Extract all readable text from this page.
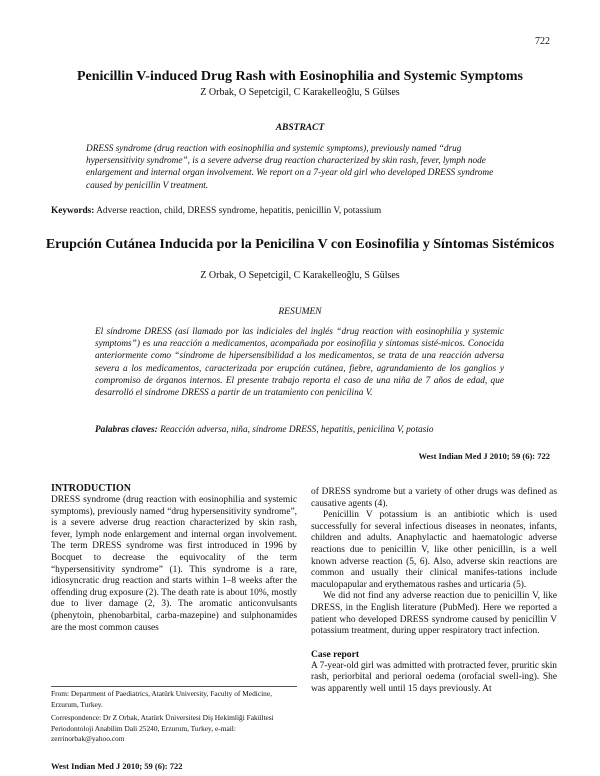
722
Penicillin V-induced Drug Rash with Eosinophilia and Systemic Symptoms
Z Orbak, O Sepetcigil, C Karakelleoğlu, S Gülses
ABSTRACT
DRESS syndrome (drug reaction with eosinophilia and systemic symptoms), previously named “drug hypersensitivity syndrome”, is a severe adverse drug reaction characterized by skin rash, fever, lymph node enlargement and internal organ involvement. We report on a 7-year old girl who developed DRESS syndrome caused by penicillin V treatment.
Keywords: Adverse reaction, child, DRESS syndrome, hepatitis, penicillin V, potassium
Erupción Cutánea Inducida por la Penicilina V con Eosinofilia y Síntomas Sistémicos
Z Orbak, O Sepetcigil, C Karakelleoğlu, S Gülses
RESUMEN
El síndrome DRESS (así llamado por las indiciales del inglés “drug reaction with eosinophilia y systemic symptoms”) es una reacción a medicamentos, acompañada por eosinofilia y síntomas sisté-micos. Conocida anteriormente como “síndrome de hipersensibilidad a los medicamentos, se trata de una reacción adversa severa a los medicamentos, caracterizada por erupción cutánea, fiebre, agrandamiento de los ganglios y compromiso de órganos internos. El presente trabajo reporta el caso de una niña de 7 años de edad, que desarrolló el síndrome DRESS a partir de un tratamiento con penicilina V.
Palabras claves: Reacción adversa, niña, síndrome DRESS, hepatitis, penicilina V, potasio
West Indian Med J 2010; 59 (6): 722
INTRODUCTION

DRESS syndrome (drug reaction with eosinophilia and systemic symptoms), previously named “drug hypersensitivity syndrome”, is a severe adverse drug reaction characterized by skin rash, fever, lymph node enlargement and internal organ involvement. The term DRESS syndrome was first introduced in 1996 by Bocquet to decrease the equivocality of the term “hypersensitivity syndrome” (1). This syndrome is a rare, idiosyncratic drug reaction and starts within 1–8 weeks after the offending drug exposure (2). The death rate is about 10%, mostly due to liver damage (2, 3). The aromatic anticonvulsants (phenytoin, phenobarbital, carba-mazepine) and sulphonamides are the most common causes

From: Department of Paediatrics, Atatürk University, Faculty of Medicine, Erzurum, Turkey.
Correspondence: Dr Z Orbak, Atatürk Üniversitesi Diş Hekimliği Fakültesi Periodontoloji Anabilim Dali 25240, Erzurum, Turkey, e-mail: zerrinorbak@yahoo.com
West Indian Med J 2010; 59 (6): 722

of DRESS syndrome but a variety of other drugs was defined as causative agents (4).

Penicillin V potassium is an antibiotic which is used successfully for several infectious diseases in neonates, infants, children and adults. Anaphylactic and haematologic adverse reactions due to penicillin V, like other penicillin, is a well known adverse reaction (5, 6). Also, adverse skin reactions are common and usually their clinical manifes-tations include maculopapular and erythematous rashes and urticaria (5).

We did not find any adverse reaction due to penicillin V, like DRESS, in the English literature (PubMed). Here we reported a patient who developed DRESS syndrome caused by penicillin V potassium treatment, during upper respiratory tract infection.

Case report

A 7-year-old girl was admitted with protracted fever, pruritic skin rash, periorbital and perioral oedema (orofacial swell-ing). She was apparently well until 15 days previously. At
